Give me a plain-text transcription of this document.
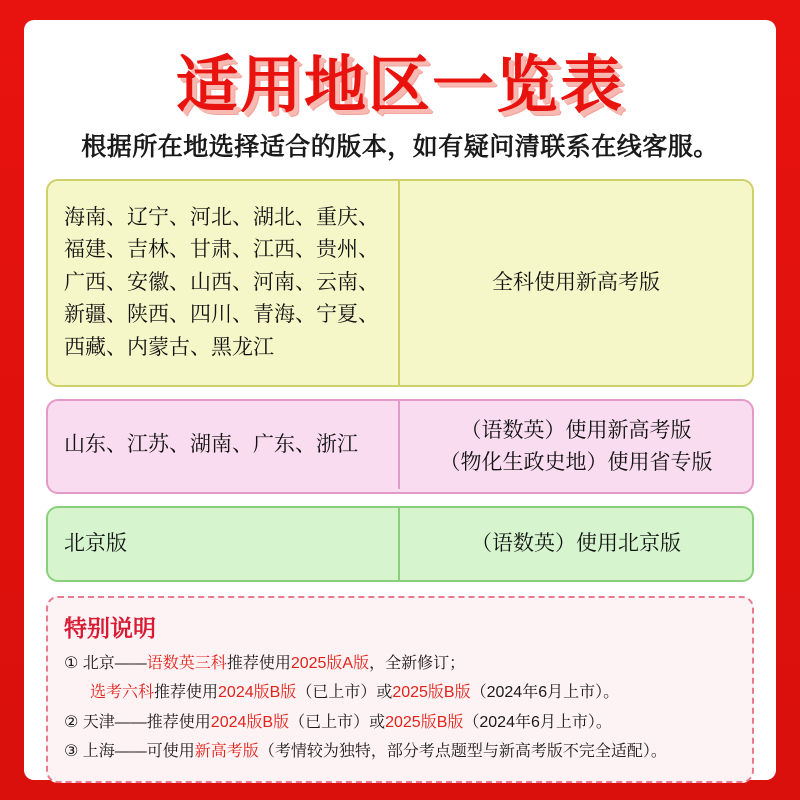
适用地区一览表
根据所在地选择适合的版本，如有疑问清联系在线客服。
海南、辽宁、河北、湖北、重庆、福建、吉林、甘肃、江西、贵州、广西、安徽、山西、河南、云南、新疆、陕西、四川、青海、宁夏、西藏、内蒙古、黑龙江
全科使用新高考版
山东、江苏、湖南、广东、浙江
（语数英）使用新高考版
（物化生政史地）使用省专版
北京版	（语数英）使用北京版
特别说明
① 北京——语数英三科推荐使用2025版A版，全新修订；
选考六科推荐使用2024版B版（已上市）或2025版B版（2024年6月上市）。
② 天津——推荐使用2024版B版（已上市）或2025版B版（2024年6月上市）。
③ 上海——可使用新高考版（考情较为独特，部分考点题型与新高考版不完全适配）。
